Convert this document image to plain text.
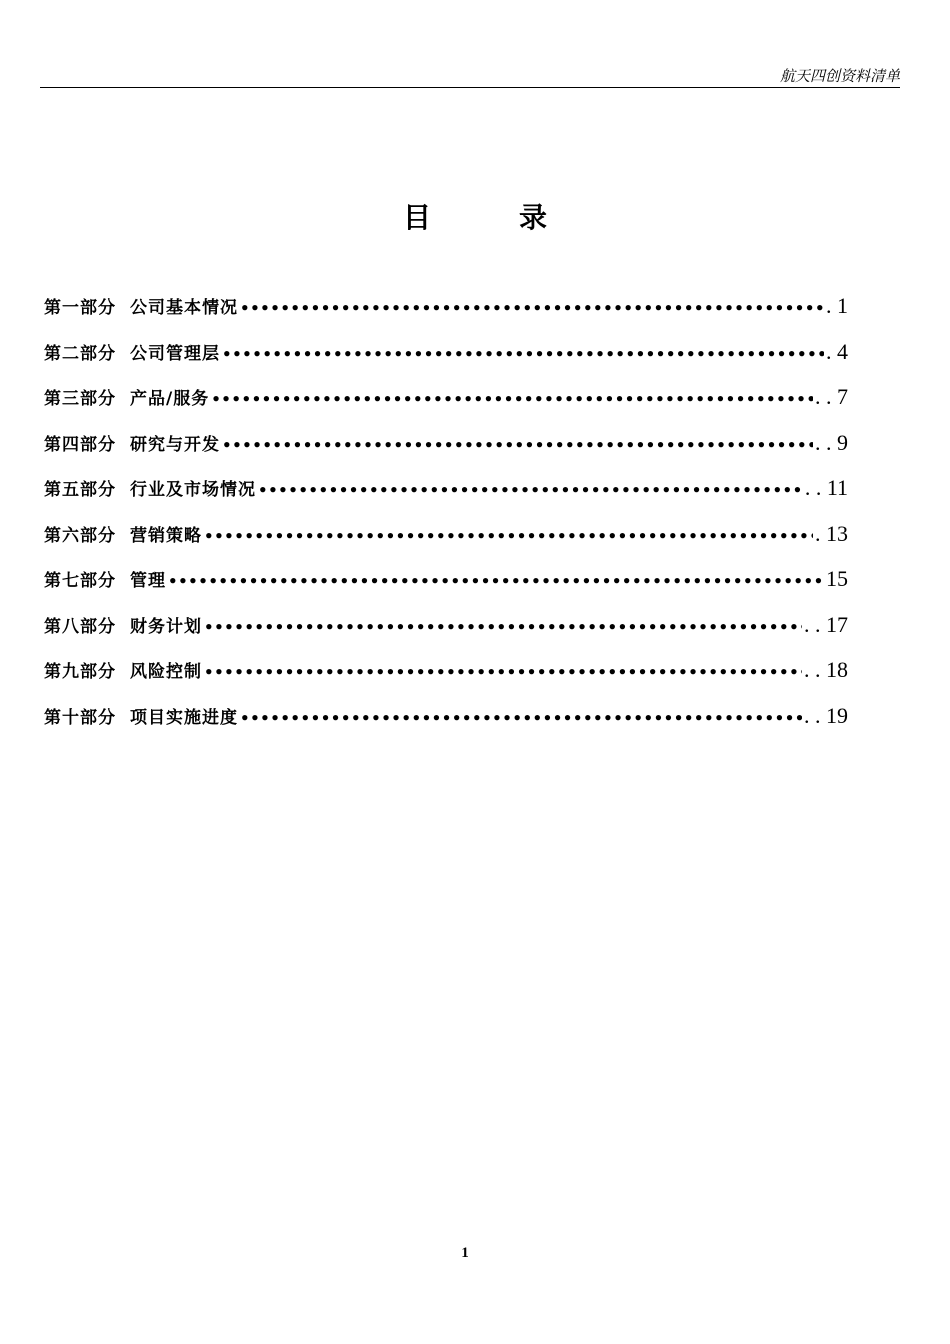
航天四创资料清单
目	录
第一部分 公司基本情况 •••••	. 1
第二部分 公司管理层 •••••	. 4
第三部分 产品/服务 •••••	. . 7
第四部分 研究与开发 •••••	. . 9
第五部分 行业及市场情况 •••••	. . 11
第六部分 营销策略 •••••	. 13
第七部分 管理 •••••	15
第八部分 财务计划 •••••	. . 17
第九部分 风险控制 •••••	. . 18
第十部分 项目实施进度 •••••	. . 19
1
